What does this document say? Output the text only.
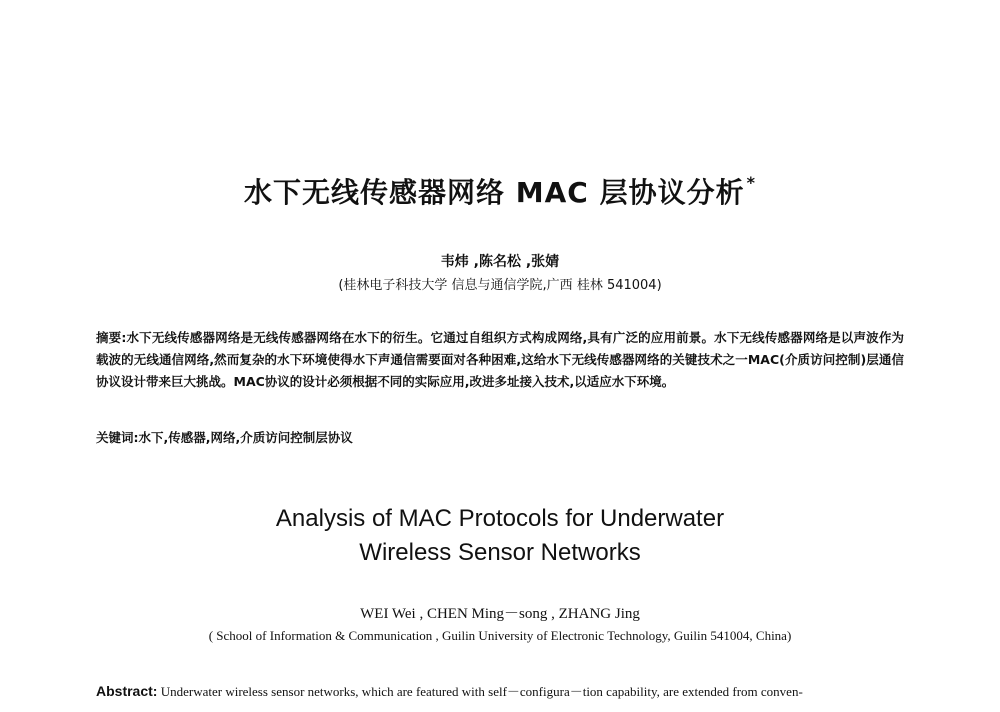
水下无线传感器网络 MAC 层协议分析 *
韦炜 ,陈名松 ,张婧
(桂林电子科技大学 信息与通信学院,广西 桂林 541004)
摘要:水下无线传感器网络是无线传感器网络在水下的衍生。它通过自组织方式构成网络,具有广泛的应用前景。水下无线传感器网络是以声波作为载波的无线通信网络,然而复杂的水下环境使得水下声通信需要面对各种困难,这给水下无线传感器网络的关键技术之一MAC(介质访问控制)层通信协议设计带来巨大挑战。MAC协议的设计必须根据不同的实际应用,改进多址接入技术,以适应水下环境。
关键词:水下,传感器,网络,介质访问控制层协议
Analysis of MAC Protocols for Underwater
Wireless Sensor Networks
WEI Wei , CHEN Ming－song , ZHANG Jing
( School of Information & Communication , Guilin University of Electronic Technology, Guilin 541004, China)
Abstract: Underwater wireless sensor networks, which are featured with self－configura－tion capability, are extended from conven-
